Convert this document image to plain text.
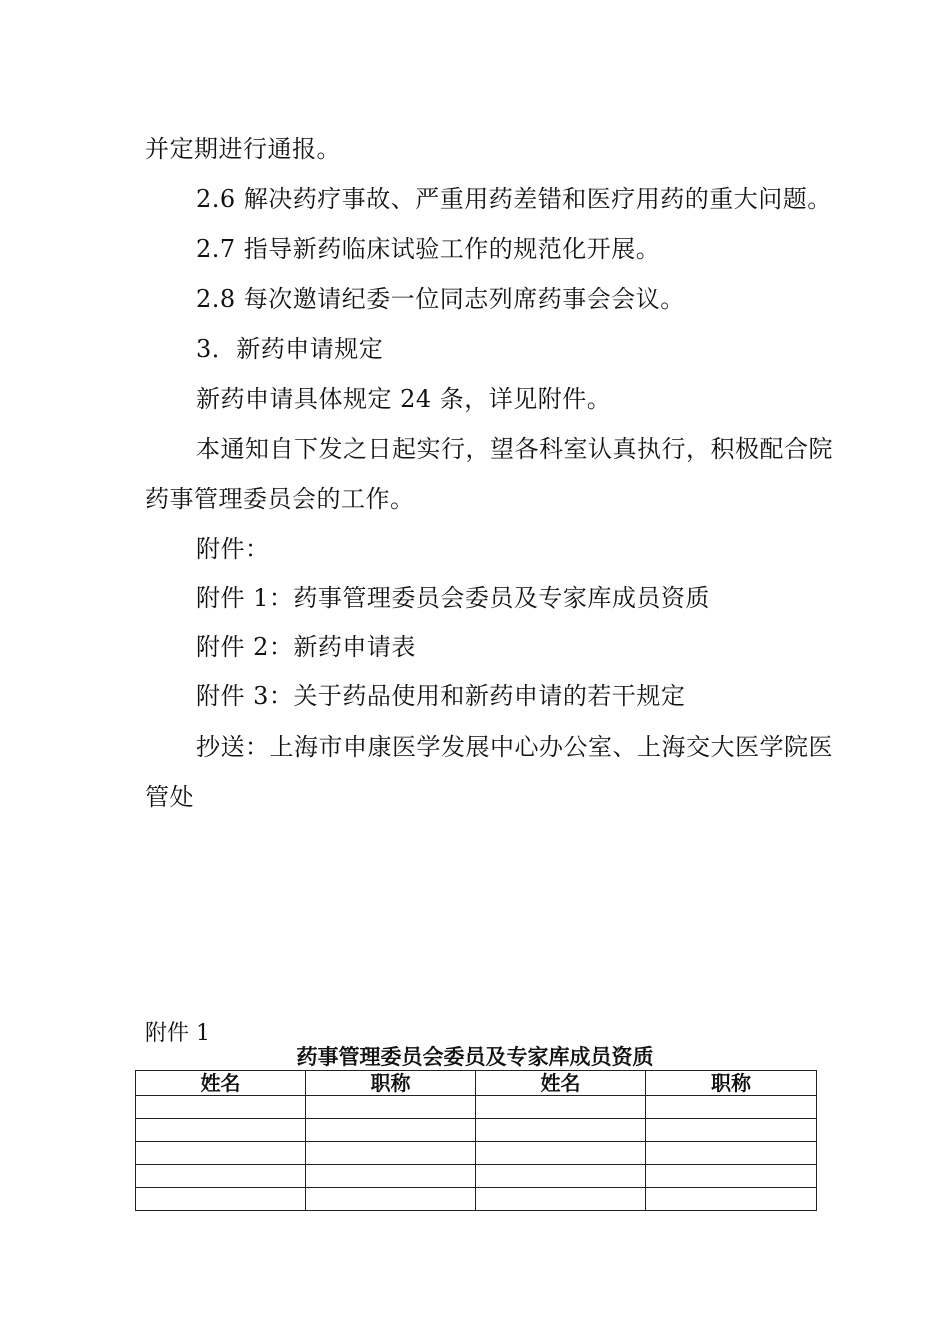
并定期进行通报。
2.6 解决药疗事故、严重用药差错和医疗用药的重大问题。
2.7 指导新药临床试验工作的规范化开展。
2.8 每次邀请纪委一位同志列席药事会会议。
3．新药申请规定
新药申请具体规定 24 条，详见附件。
本通知自下发之日起实行，望各科室认真执行，积极配合院
药事管理委员会的工作。
附件：
附件 1：药事管理委员会委员及专家库成员资质
附件 2：新药申请表
附件 3：关于药品使用和新药申请的若干规定
抄送：上海市申康医学发展中心办公室、上海交大医学院医
管处
附件 1
药事管理委员会委员及专家库成员资质
姓名	职称	姓名	职称
